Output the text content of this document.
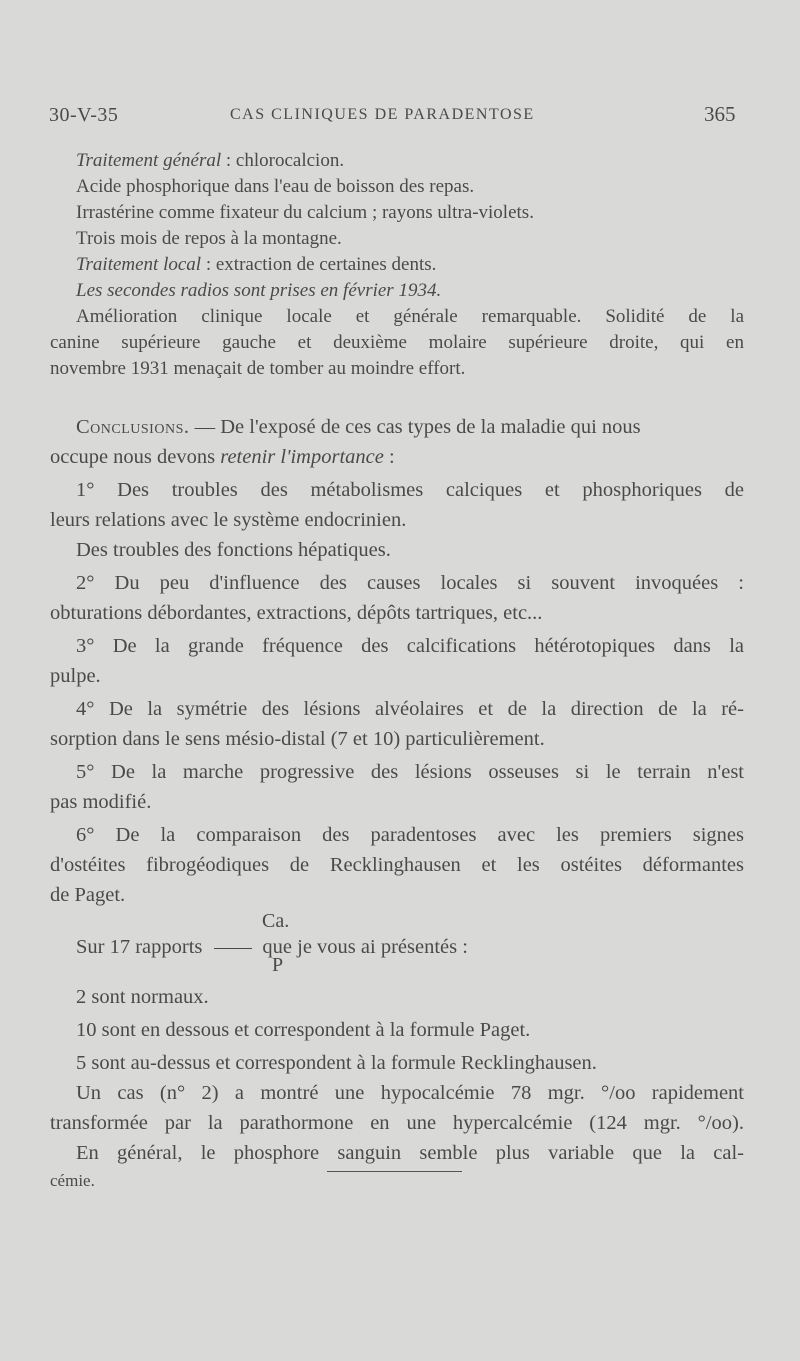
30-V-35	CAS CLINIQUES DE PARADENTOSE	365
Traitement général : chlorocalcion.
Acide phosphorique dans l'eau de boisson des repas.
Irrastérine comme fixateur du calcium ; rayons ultra-violets.
Trois mois de repos à la montagne.
Traitement local : extraction de certaines dents.
Les secondes radios sont prises en février 1934.
Amélioration clinique locale et générale remarquable. Solidité de la
canine supérieure gauche et deuxième molaire supérieure droite, qui en
novembre 1931 menaçait de tomber au moindre effort.
Conclusions. — De l'exposé de ces cas types de la maladie qui nous
occupe nous devons retenir l'importance :
1° Des troubles des métabolismes calciques et phosphoriques de
leurs relations avec le système endocrinien.
Des troubles des fonctions hépatiques.
2° Du peu d'influence des causes locales si souvent invoquées :
obturations débordantes, extractions, dépôts tartriques, etc...
3° De la grande fréquence des calcifications hétérotopiques dans la
pulpe.
4° De la symétrie des lésions alvéolaires et de la direction de la ré-
sorption dans le sens mésio-distal (7 et 10) particulièrement.
5° De la marche progressive des lésions osseuses si le terrain n'est
pas modifié.
6° De la comparaison des paradentoses avec les premiers signes
d'ostéites fibrogéodiques de Recklinghausen et les ostéites déformantes
de Paget.
Ca.
Sur 17 rapports	que je vous ai présentés :
P
2 sont normaux.
10 sont en dessous et correspondent à la formule Paget.
5 sont au-dessus et correspondent à la formule Recklinghausen.
Un cas (n° 2) a montré une hypocalcémie 78 mgr. °/oo rapidement
transformée par la parathormone en une hypercalcémie (124 mgr. °/oo).
En général, le phosphore sanguin semble plus variable que la cal-
cémie.
